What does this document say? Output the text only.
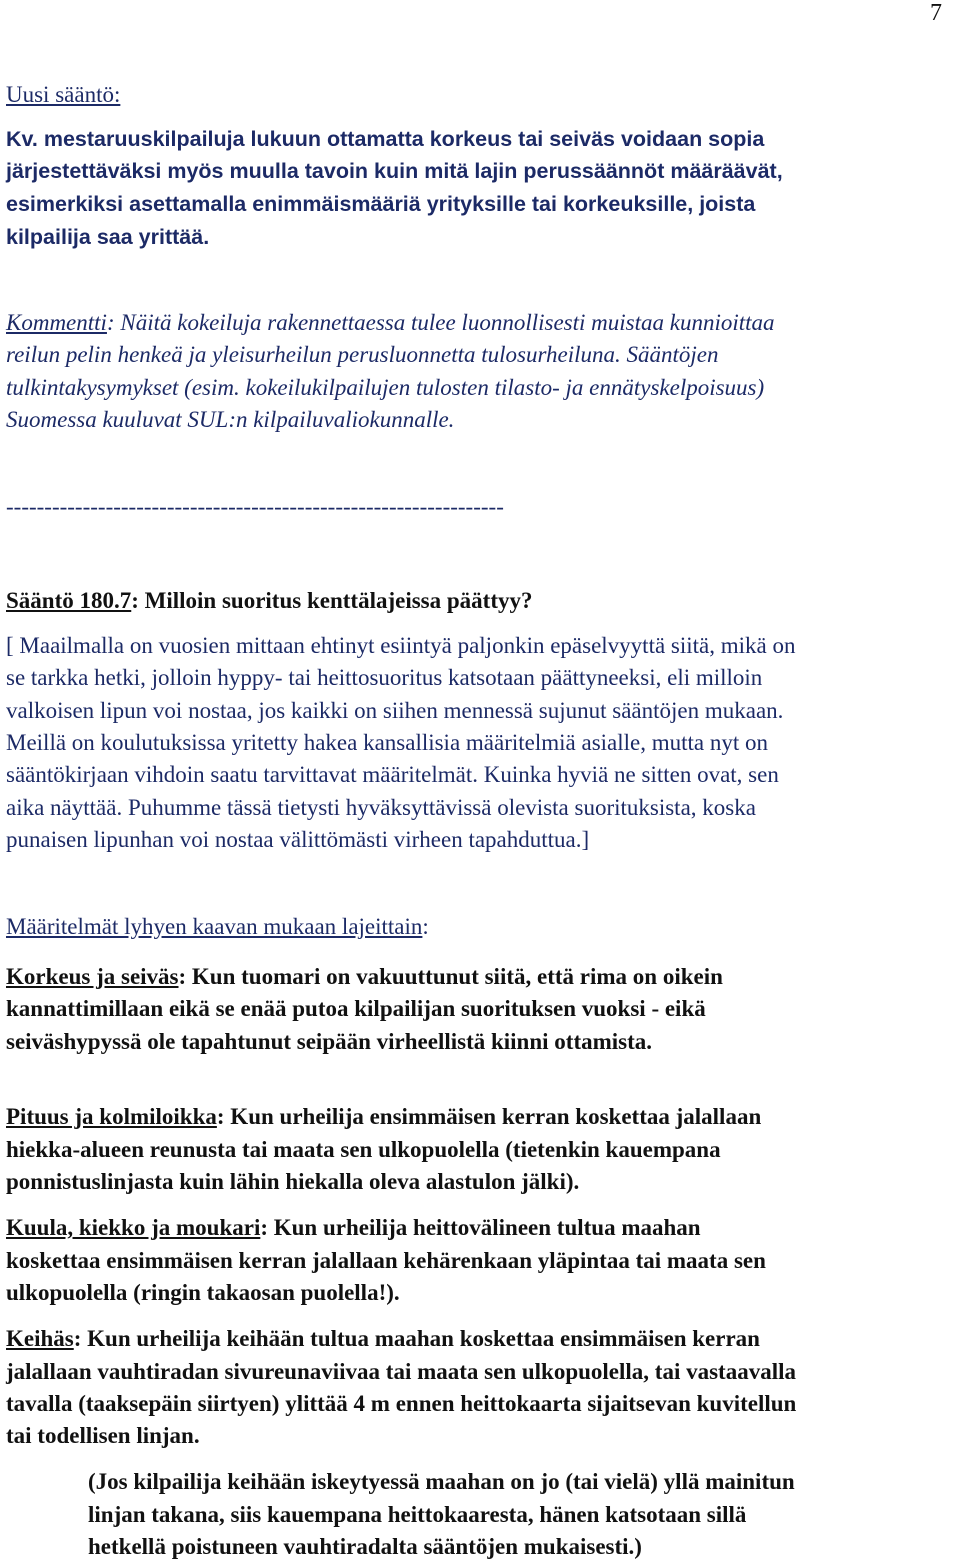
7
Uusi sääntö:
Kv. mestaruuskilpailuja lukuun ottamatta korkeus tai seiväs voidaan sopia
järjestettäväksi myös muulla tavoin kuin mitä lajin perussäännöt määräävät,
esimerkiksi asettamalla enimmäismääriä yrityksille tai korkeuksille, joista
kilpailija saa yrittää.
Kommentti: Näitä kokeiluja rakennettaessa tulee luonnollisesti muistaa kunnioittaa
reilun pelin henkeä ja yleisurheilun perusluonnetta tulosurheiluna. Sääntöjen
tulkintakysymykset (esim. kokeilukilpailujen tulosten tilasto- ja ennätyskelpoisuus)
Suomessa kuuluvat SUL:n kilpailuvaliokunnalle.
-----------------------------------------------------------------
Sääntö 180.7: Milloin suoritus kenttälajeissa päättyy?
[ Maailmalla on vuosien mittaan ehtinyt esiintyä paljonkin epäselvyyttä siitä, mikä on
se tarkka hetki, jolloin hyppy- tai heittosuoritus katsotaan päättyneeksi, eli milloin
valkoisen lipun voi nostaa, jos kaikki on siihen mennessä sujunut sääntöjen mukaan.
Meillä on koulutuksissa yritetty hakea kansallisia määritelmiä asialle, mutta nyt on
sääntökirjaan vihdoin saatu tarvittavat määritelmät. Kuinka hyviä ne sitten ovat, sen
aika näyttää. Puhumme tässä tietysti hyväksyttävissä olevista suorituksista, koska
punaisen lipunhan voi nostaa välittömästi virheen tapahduttua.]
Määritelmät lyhyen kaavan mukaan lajeittain:
Korkeus ja seiväs: Kun tuomari on vakuuttunut siitä, että rima on oikein
kannattimillaan eikä se enää putoa kilpailijan suorituksen vuoksi - eikä
seiväshypyssä ole tapahtunut seipään virheellistä kiinni ottamista.
Pituus ja kolmiloikka: Kun urheilija ensimmäisen kerran koskettaa jalallaan
hiekka-alueen reunusta tai maata sen ulkopuolella (tietenkin kauempana
ponnistuslinjasta kuin lähin hiekalla oleva alastulon jälki).
Kuula, kiekko ja moukari: Kun urheilija heittovälineen tultua maahan
koskettaa ensimmäisen kerran jalallaan kehärenkaan yläpintaa tai maata sen
ulkopuolella (ringin takaosan puolella!).
Keihäs: Kun urheilija keihään tultua maahan koskettaa ensimmäisen kerran
jalallaan vauhtiradan sivureunaviivaa tai maata sen ulkopuolella, tai vastaavalla
tavalla (taaksepäin siirtyen) ylittää 4 m ennen heittokaarta sijaitsevan kuvitellun
tai todellisen linjan.
(Jos kilpailija keihään iskeytyessä maahan on jo (tai vielä) yllä mainitun
linjan takana, siis kauempana heittokaaresta, hänen katsotaan sillä
hetkellä poistuneen vauhtiradalta sääntöjen mukaisesti.)
